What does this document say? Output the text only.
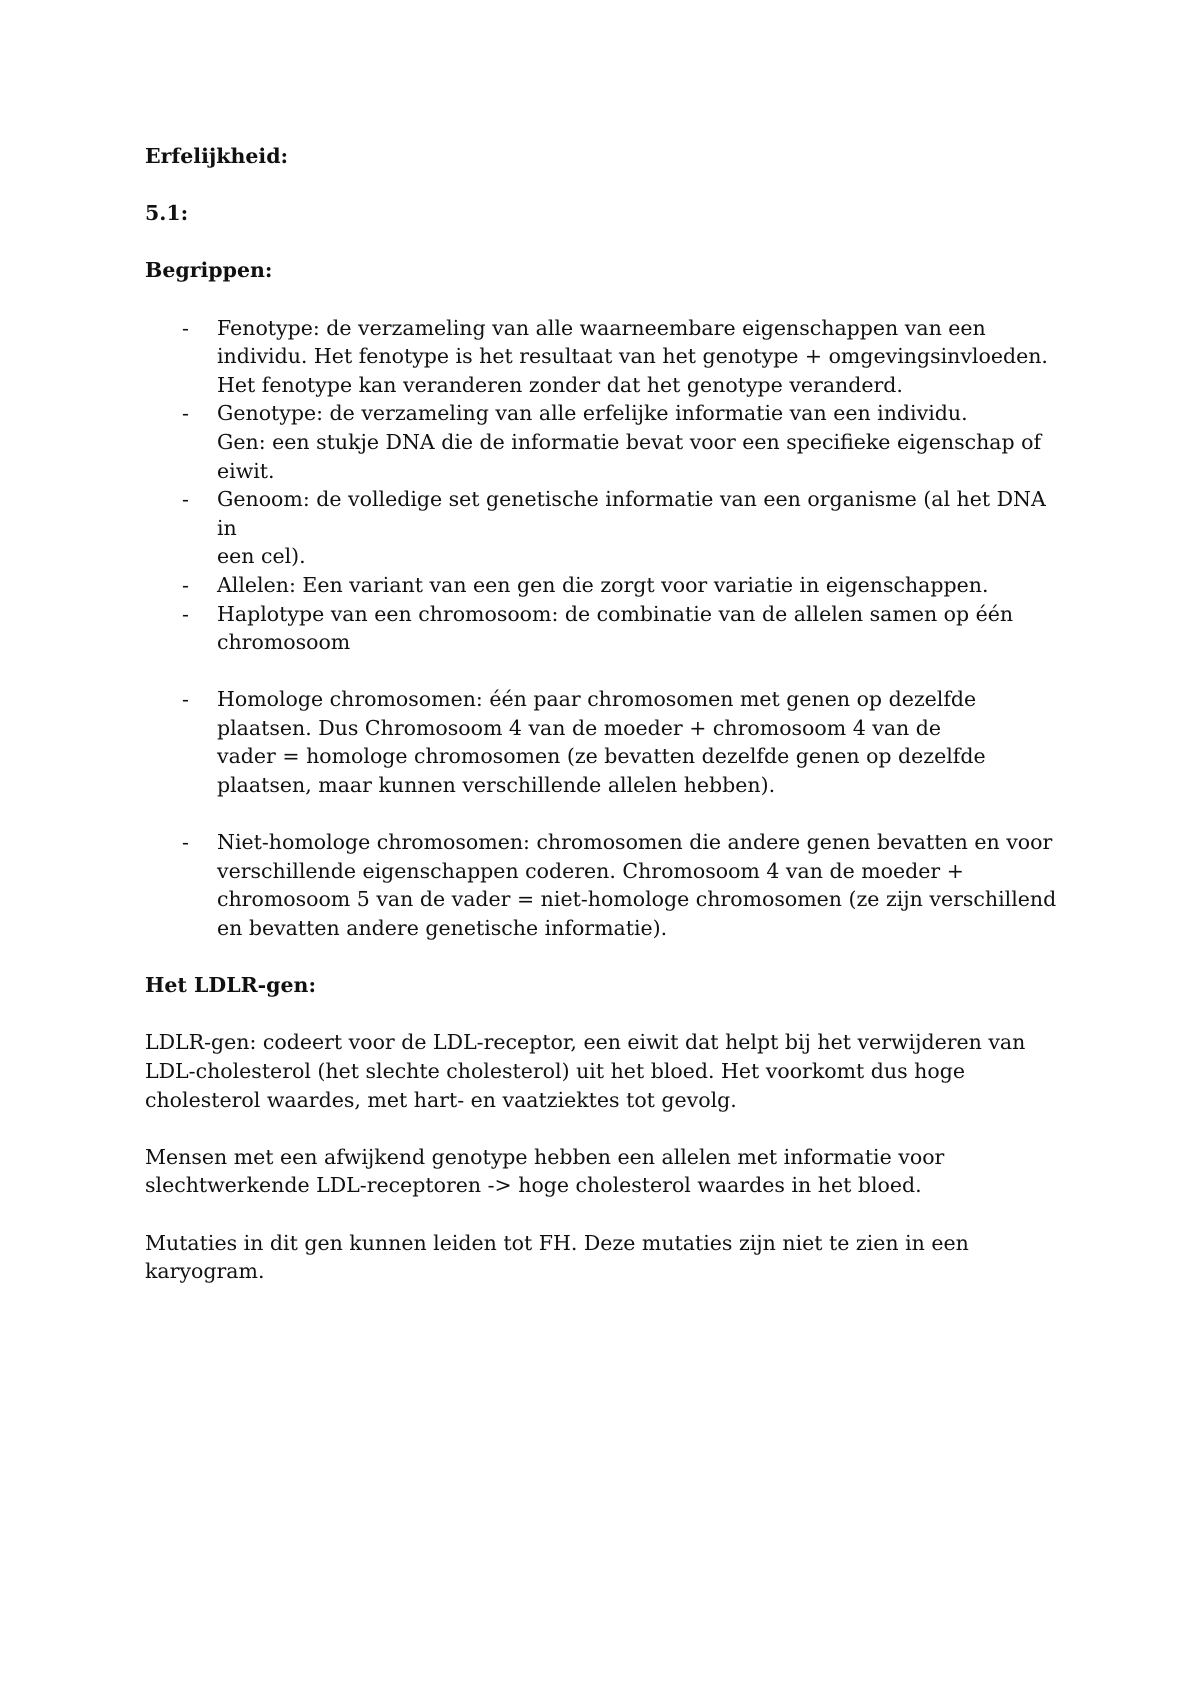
Erfelijkheid:
5.1:
Begrippen:
- Fenotype: de verzameling van alle waarneembare eigenschappen van een
individu. Het fenotype is het resultaat van het genotype + omgevingsinvloeden.
Het fenotype kan veranderen zonder dat het genotype veranderd.
- Genotype: de verzameling van alle erfelijke informatie van een individu.
Gen: een stukje DNA die de informatie bevat voor een specifieke eigenschap of
eiwit.
- Genoom: de volledige set genetische informatie van een organisme (al het DNA in
een cel).
- Allelen: Een variant van een gen die zorgt voor variatie in eigenschappen.
- Haplotype van een chromosoom: de combinatie van de allelen samen op één
chromosoom
- Homologe chromosomen: één paar chromosomen met genen op dezelfde
plaatsen. Dus Chromosoom 4 van de moeder + chromosoom 4 van de
vader = homologe chromosomen (ze bevatten dezelfde genen op dezelfde
plaatsen, maar kunnen verschillende allelen hebben).
- Niet-homologe chromosomen: chromosomen die andere genen bevatten en voor
verschillende eigenschappen coderen. Chromosoom 4 van de moeder +
chromosoom 5 van de vader = niet-homologe chromosomen (ze zijn verschillend
en bevatten andere genetische informatie).
Het LDLR-gen:

LDLR-gen: codeert voor de LDL-receptor, een eiwit dat helpt bij het verwijderen van
LDL-cholesterol (het slechte cholesterol) uit het bloed. Het voorkomt dus hoge
cholesterol waardes, met hart- en vaatziektes tot gevolg.

Mensen met een afwijkend genotype hebben een allelen met informatie voor
slechtwerkende LDL-receptoren -> hoge cholesterol waardes in het bloed.

Mutaties in dit gen kunnen leiden tot FH. Deze mutaties zijn niet te zien in een
karyogram.
